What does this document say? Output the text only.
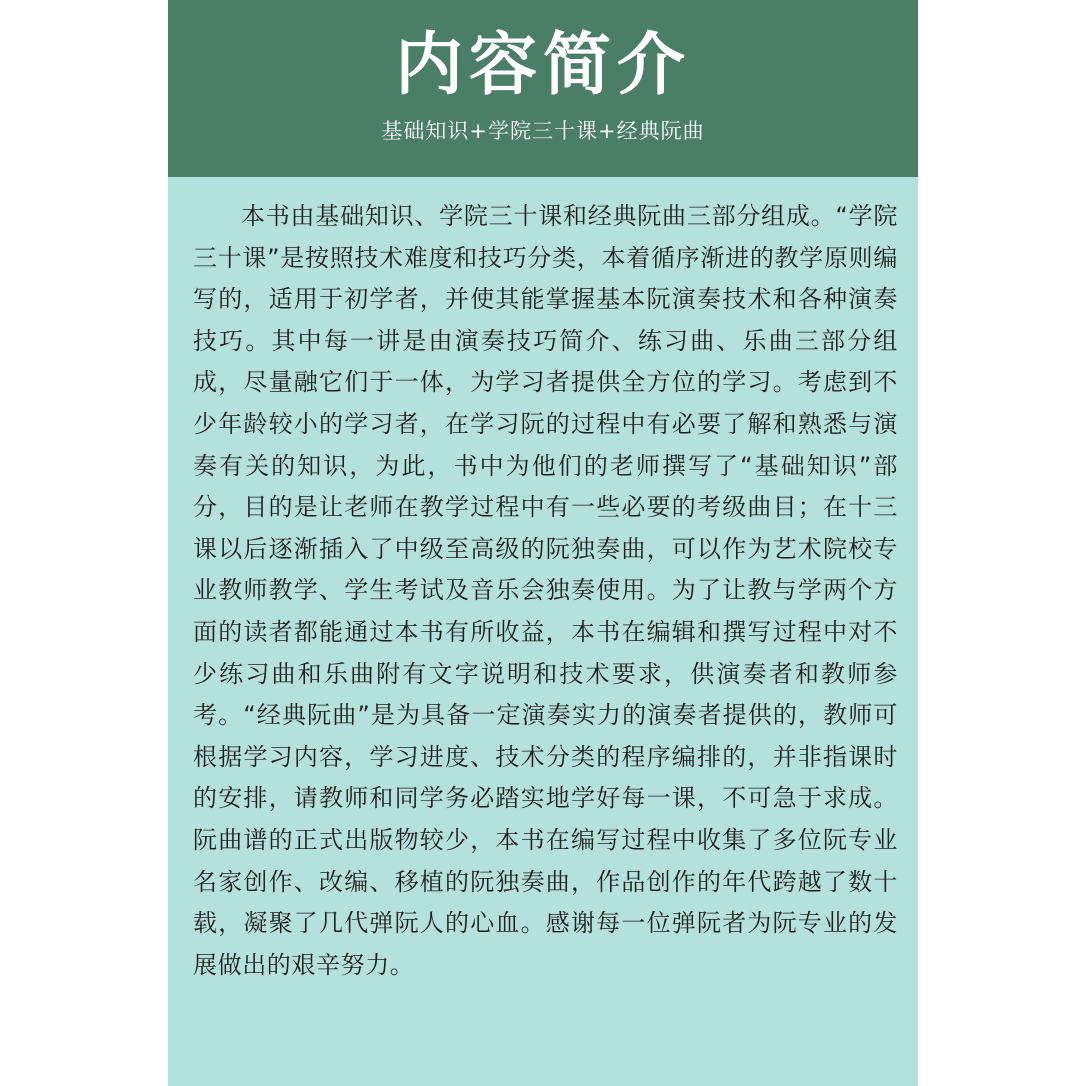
内容简介
基础知识+学院三十课+经典阮曲

本书由基础知识、学院三十课和经典阮曲三部分组成。“学院三十课”是按照技术难度和技巧分类，本着循序渐进的教学原则编写的，适用于初学者，并使其能掌握基本阮演奏技术和各种演奏技巧。其中每一讲是由演奏技巧简介、练习曲、乐曲三部分组成，尽量融它们于一体，为学习者提供全方位的学习。考虑到不少年龄较小的学习者，在学习阮的过程中有必要了解和熟悉与演奏有关的知识，为此，书中为他们的老师撰写了“基础知识”部分，目的是让老师在教学过程中有一些必要的考级曲目；在十三课以后逐渐插入了中级至高级的阮独奏曲，可以作为艺术院校专业教师教学、学生考试及音乐会独奏使用。为了让教与学两个方面的读者都能通过本书有所收益，本书在编辑和撰写过程中对不少练习曲和乐曲附有文字说明和技术要求，供演奏者和教师参考。“经典阮曲”是为具备一定演奏实力的演奏者提供的，教师可根据学习内容，学习进度、技术分类的程序编排的，并非指课时的安排，请教师和同学务必踏实地学好每一课，不可急于求成。阮曲谱的正式出版物较少，本书在编写过程中收集了多位阮专业名家创作、改编、移植的阮独奏曲，作品创作的年代跨越了数十载，凝聚了几代弹阮人的心血。感谢每一位弹阮者为阮专业的发展做出的艰辛努力。
